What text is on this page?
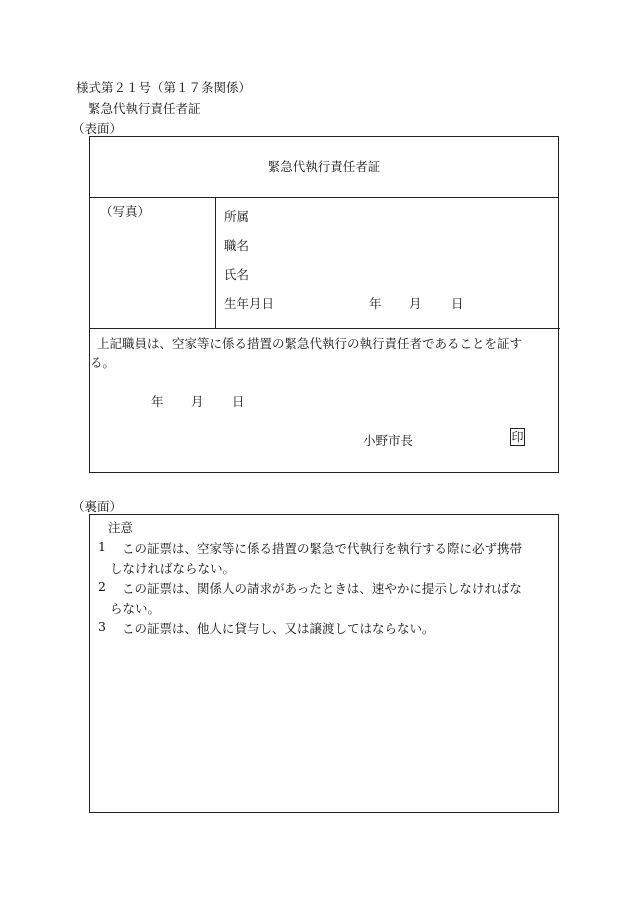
様式第２１号（第１７条関係）
緊急代執行責任者証
（表面）
緊急代執行責任者証
（写真）	所属
職名
氏名
生年月日	年 月 日
上記職員は、空家等に係る措置の緊急代執行の執行責任者であることを証す
る。
年 月 日
小野市長	印
（裏面）
注意
1 この証票は、空家等に係る措置の緊急で代執行を執行する際に必ず携帯
しなければならない。
2 この証票は、関係人の請求があったときは、速やかに提示しなければな
らない。
3 この証票は、他人に貸与し、又は譲渡してはならない。
